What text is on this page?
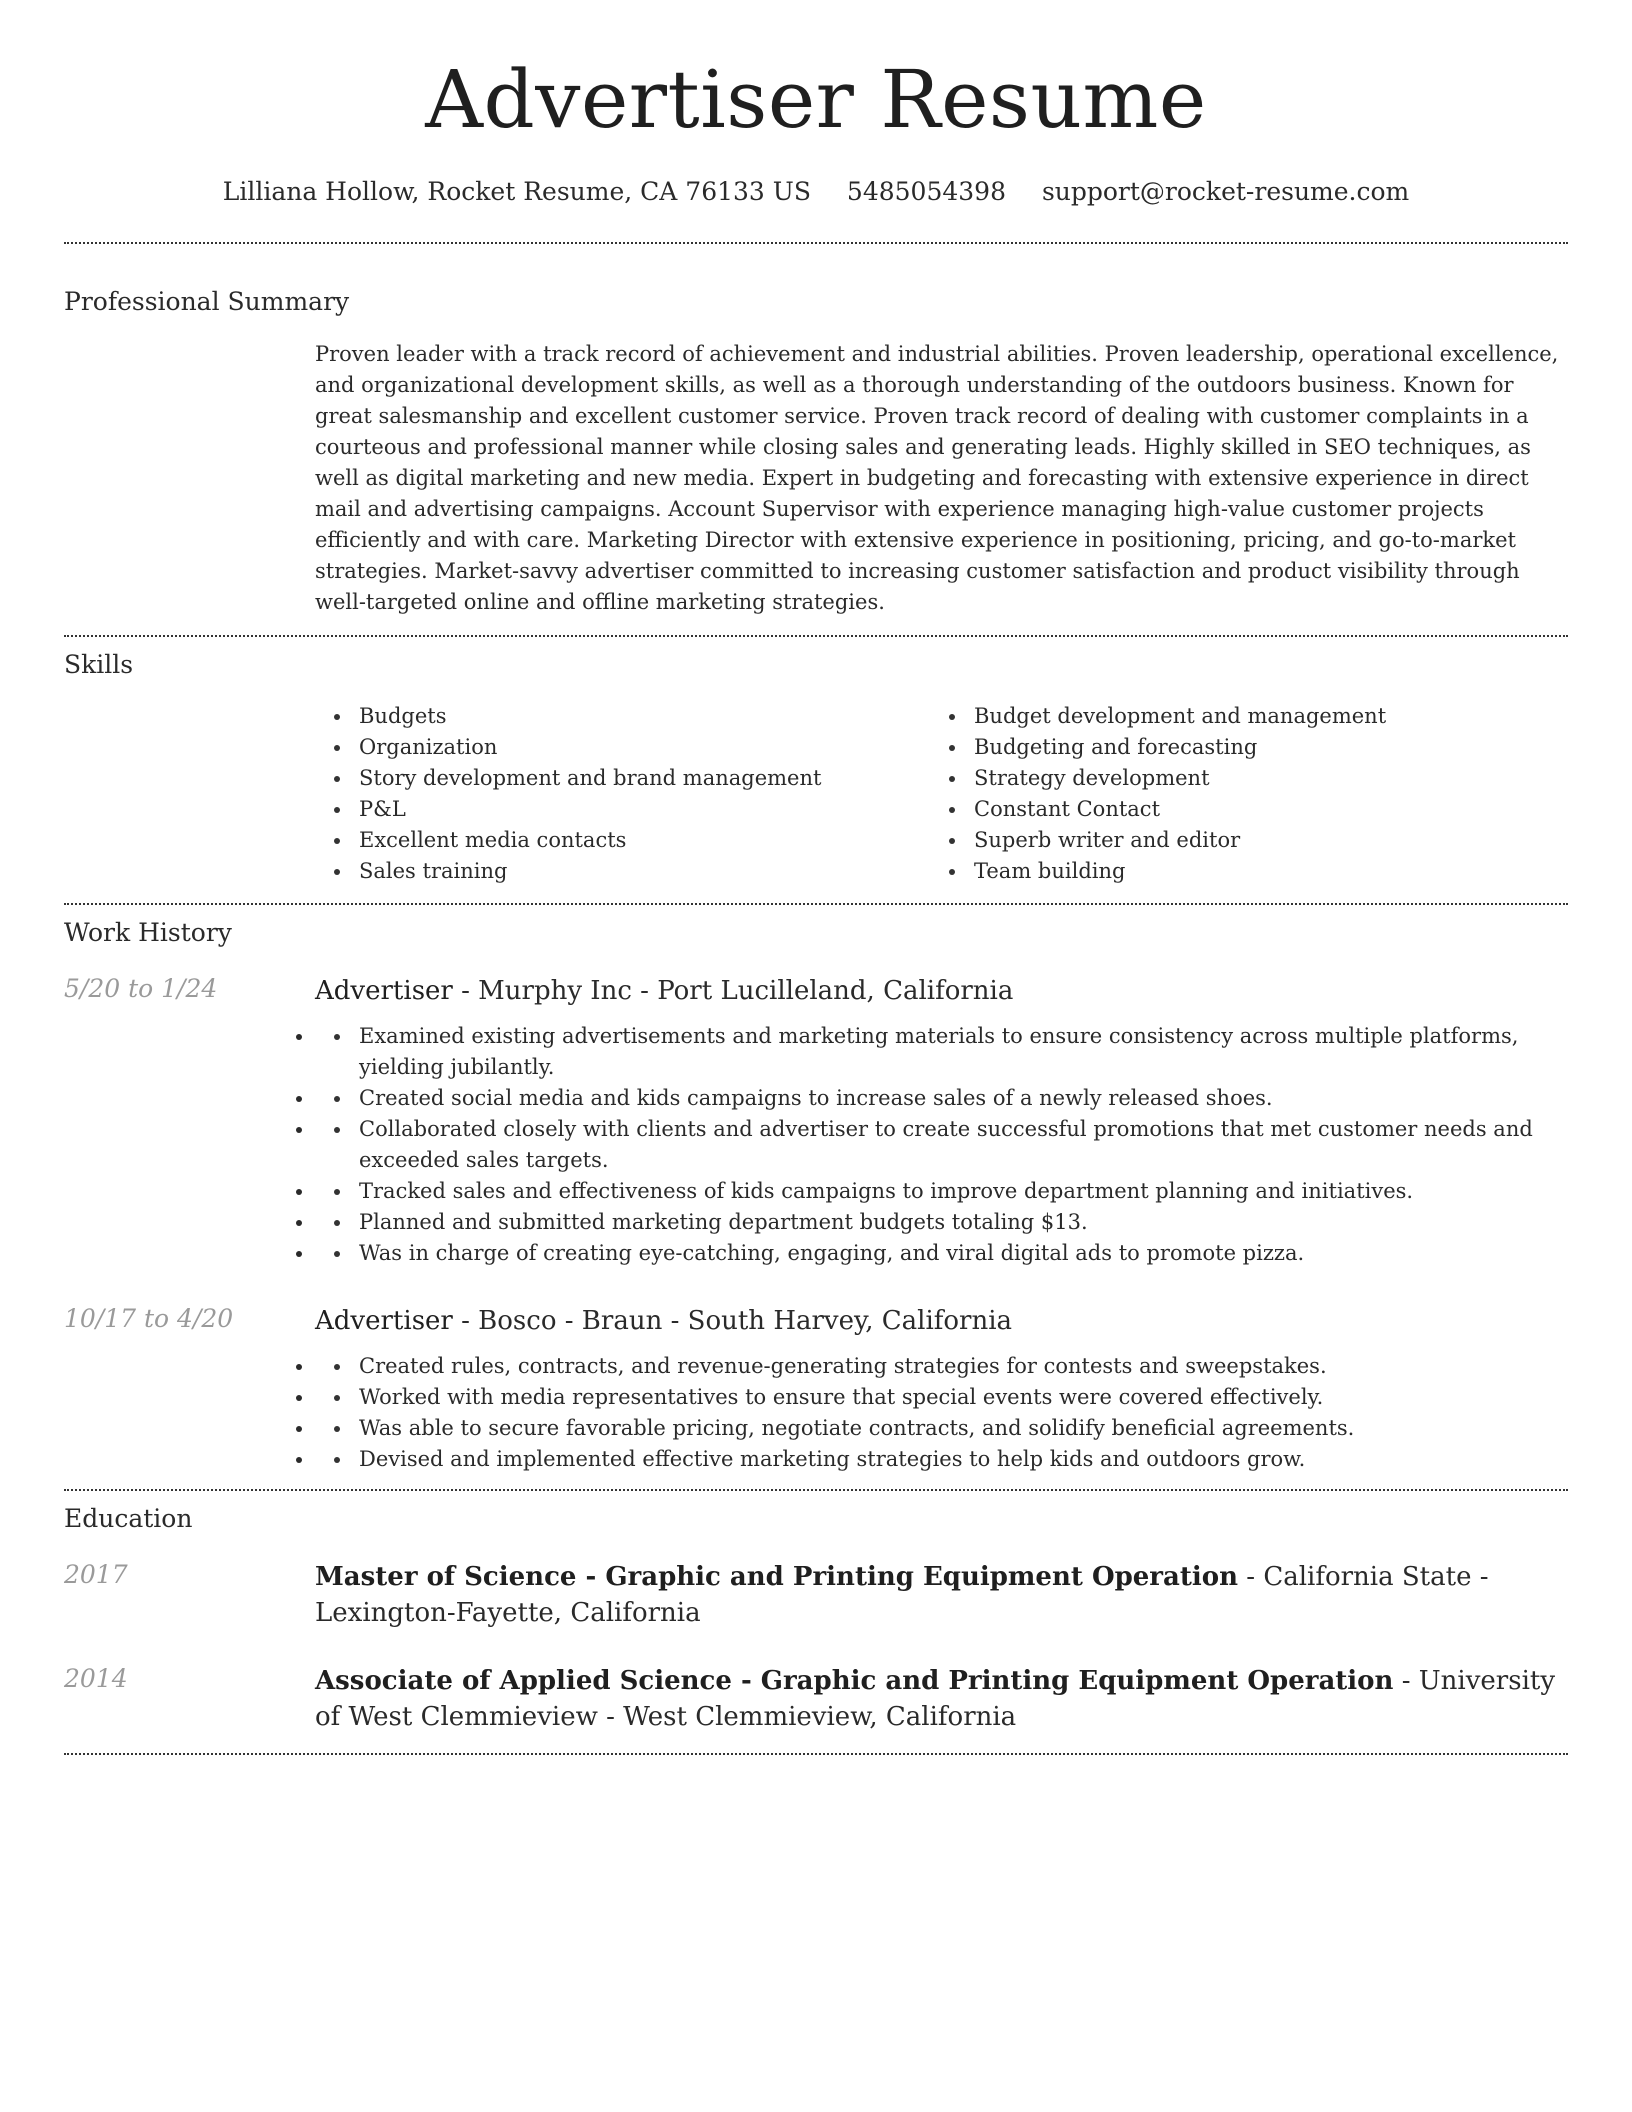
Advertiser Resume
Lilliana Hollow, Rocket Resume, CA 76133 US 5485054398 support@rocket-resume.com
Professional Summary

Proven leader with a track record of achievement and industrial abilities. Proven leadership, operational excellence, and organizational development skills, as well as a thorough understanding of the outdoors business. Known for great salesmanship and excellent customer service. Proven track record of dealing with customer complaints in a courteous and professional manner while closing sales and generating leads. Highly skilled in SEO techniques, as well as digital marketing and new media. Expert in budgeting and forecasting with extensive experience in direct mail and advertising campaigns. Account Supervisor with experience managing high-value customer projects efficiently and with care. Marketing Director with extensive experience in positioning, pricing, and go-to-market strategies. Market-savvy advertiser committed to increasing customer satisfaction and product visibility through well-targeted online and offline marketing strategies.

Skills
Budgets
Organization
Story development and brand management
P&L
Excellent media contacts
Sales training
Budget development and management
Budgeting and forecasting
Strategy development
Constant Contact
Superb writer and editor
Team building
Work History
5/20 to 1/24	Advertiser - Murphy Inc - Port Lucilleland, California
• Examined existing advertisements and marketing materials to ensure consistency across multiple platforms, yielding jubilantly.
• Created social media and kids campaigns to increase sales of a newly released shoes.
• Collaborated closely with clients and advertiser to create successful promotions that met customer needs and exceeded sales targets.
• Tracked sales and effectiveness of kids campaigns to improve department planning and initiatives.
• Planned and submitted marketing department budgets totaling $13.
• Was in charge of creating eye-catching, engaging, and viral digital ads to promote pizza.
10/17 to 4/20	Advertiser - Bosco - Braun - South Harvey, California
• Created rules, contracts, and revenue-generating strategies for contests and sweepstakes.
• Worked with media representatives to ensure that special events were covered effectively.
• Was able to secure favorable pricing, negotiate contracts, and solidify beneficial agreements.
• Devised and implemented effective marketing strategies to help kids and outdoors grow.
Education
2017	Master of Science - Graphic and Printing Equipment Operation - California State - Lexington-Fayette, California
2014	Associate of Applied Science - Graphic and Printing Equipment Operation - University of West Clemmieview - West Clemmieview, California
